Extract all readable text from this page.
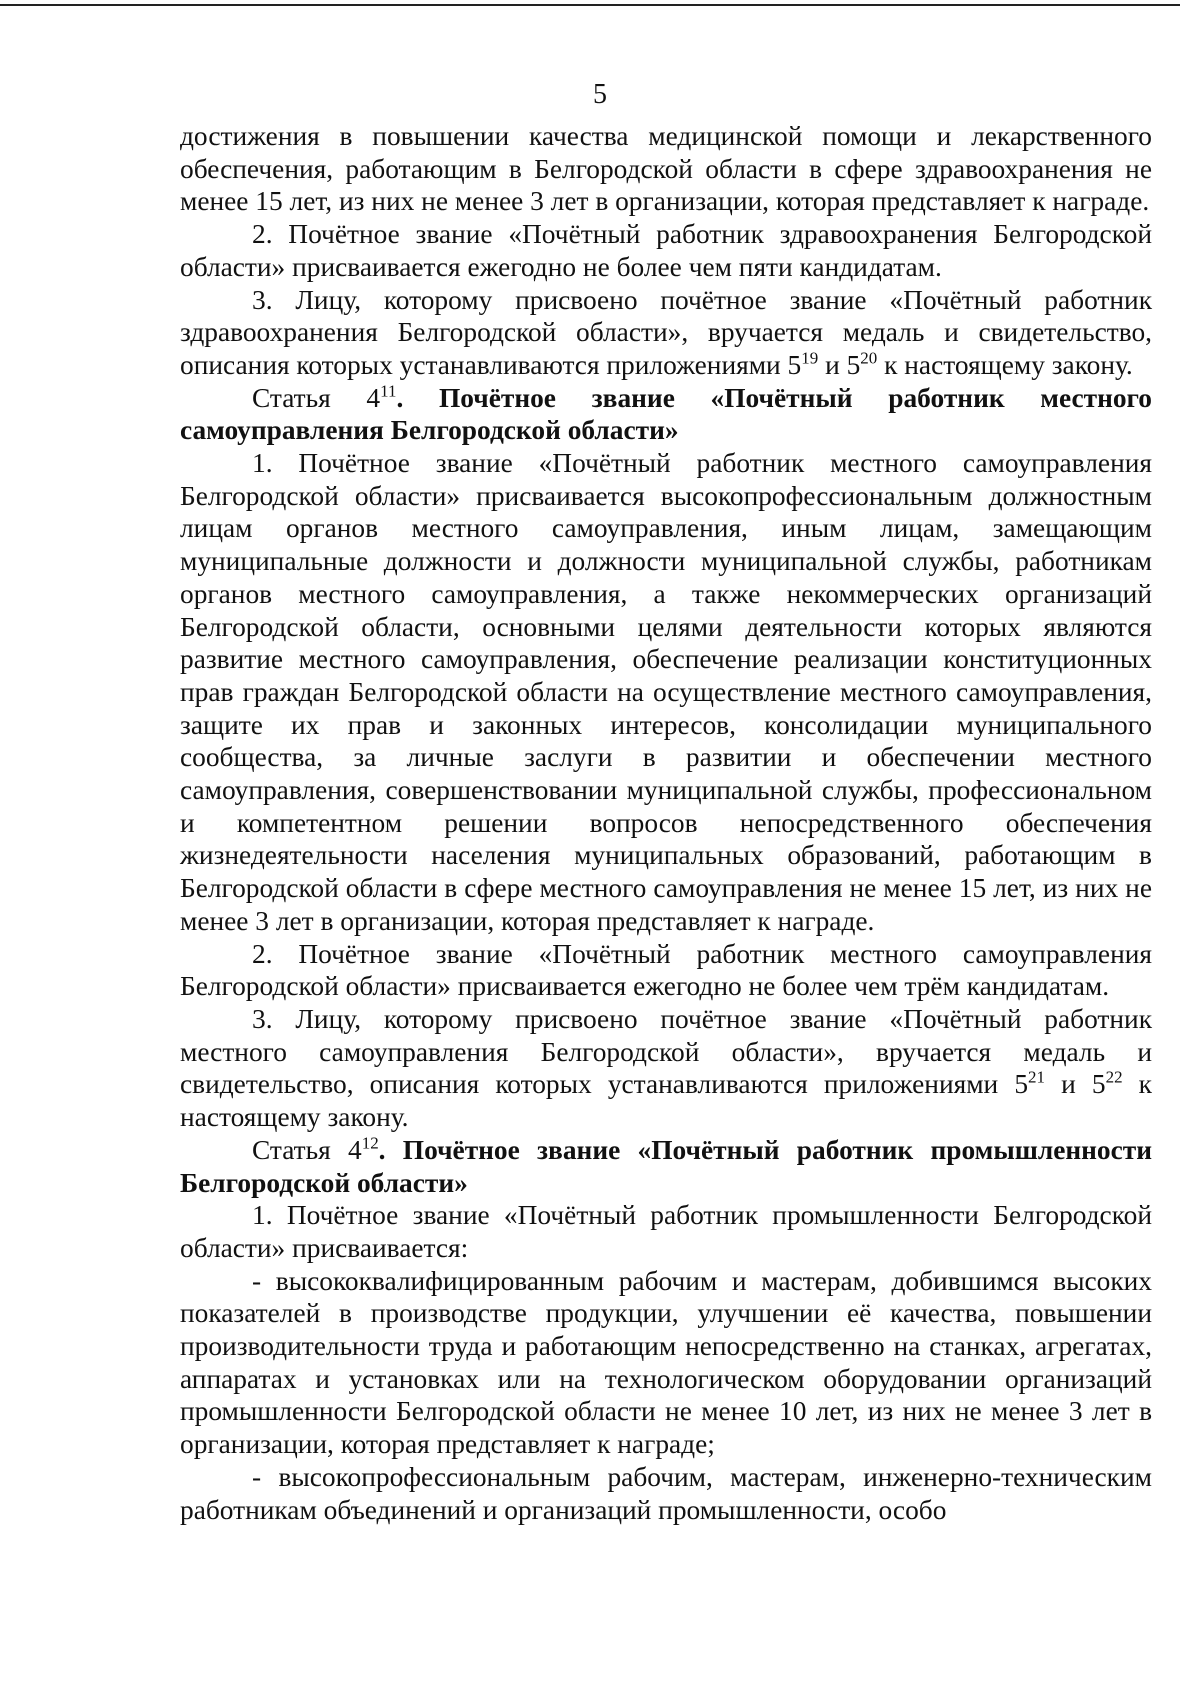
5

достижения в повышении качества медицинской помощи и лекарственного обеспечения, работающим в Белгородской области в сфере здравоохранения не менее 15 лет, из них не менее 3 лет в организации, которая представляет к награде.

2. Почётное звание «Почётный работник здравоохранения Белгородской области» присваивается ежегодно не более чем пяти кандидатам.

3. Лицу, которому присвоено почётное звание «Почётный работник здравоохранения Белгородской области», вручается медаль и свидетельство, описания которых устанавливаются приложениями $5^{19}$ и $5^{20}$ к настоящему закону.

Статья $4^{11}$. Почётное звание «Почётный работник местного самоуправления Белгородской области»

1. Почётное звание «Почётный работник местного самоуправления Белгородской области» присваивается высокопрофессиональным должностным лицам органов местного самоуправления, иным лицам, замещающим муниципальные должности и должности муниципальной службы, работникам органов местного самоуправления, а также некоммерческих организаций Белгородской области, основными целями деятельности которых являются развитие местного самоуправления, обеспечение реализации конституционных прав граждан Белгородской области на осуществление местного самоуправления, защите их прав и законных интересов, консолидации муниципального сообщества, за личные заслуги в развитии и обеспечении местного самоуправления, совершенствовании муниципальной службы, профессиональном и компетентном решении вопросов непосредственного обеспечения жизнедеятельности населения муниципальных образований, работающим в Белгородской области в сфере местного самоуправления не менее 15 лет, из них не менее 3 лет в организации, которая представляет к награде.

2. Почётное звание «Почётный работник местного самоуправления Белгородской области» присваивается ежегодно не более чем трём кандидатам.

3. Лицу, которому присвоено почётное звание «Почётный работник местного самоуправления Белгородской области», вручается медаль и свидетельство, описания которых устанавливаются приложениями $5^{21}$ и $5^{22}$ к настоящему закону.

Статья $4^{12}$. Почётное звание «Почётный работник промышленности Белгородской области»

1. Почётное звание «Почётный работник промышленности Белгородской области» присваивается:

- высококвалифицированным рабочим и мастерам, добившимся высоких показателей в производстве продукции, улучшении её качества, повышении производительности труда и работающим непосредственно на станках, агрегатах, аппаратах и установках или на технологическом оборудовании организаций промышленности Белгородской области не менее 10 лет, из них не менее 3 лет в организации, которая представляет к награде;

- высокопрофессиональным рабочим, мастерам, инженерно-техническим работникам объединений и организаций промышленности, особо
